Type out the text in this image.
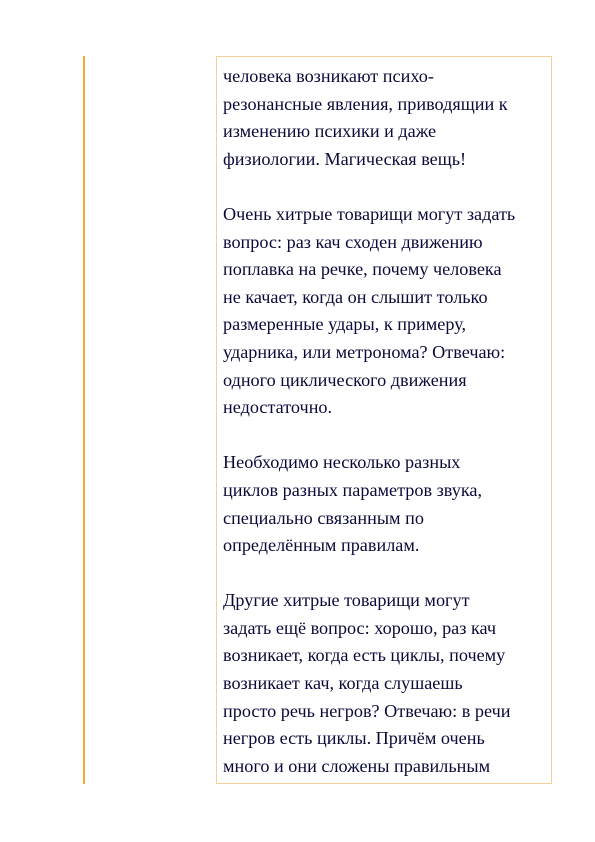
человека возникают психо-
резонансные явления, приводящии к
изменению психики и даже
физиологии. Магическая вещь!

Очень хитрые товарищи могут задать
вопрос: раз кач сходен движению
поплавка на речке, почему человека
не качает, когда он слышит только
размеренные удары, к примеру,
ударника, или метронома? Отвечаю:
одного циклического движения
недостаточно.

Необходимо несколько разных
циклов разных параметров звука,
специально связанным по
определённым правилам.

Другие хитрые товарищи могут
задать ещё вопрос: хорошо, раз кач
возникает, когда есть циклы, почему
возникает кач, когда слушаешь
просто речь негров? Отвечаю: в речи
негров есть циклы. Причём очень
много и они сложены правильным
